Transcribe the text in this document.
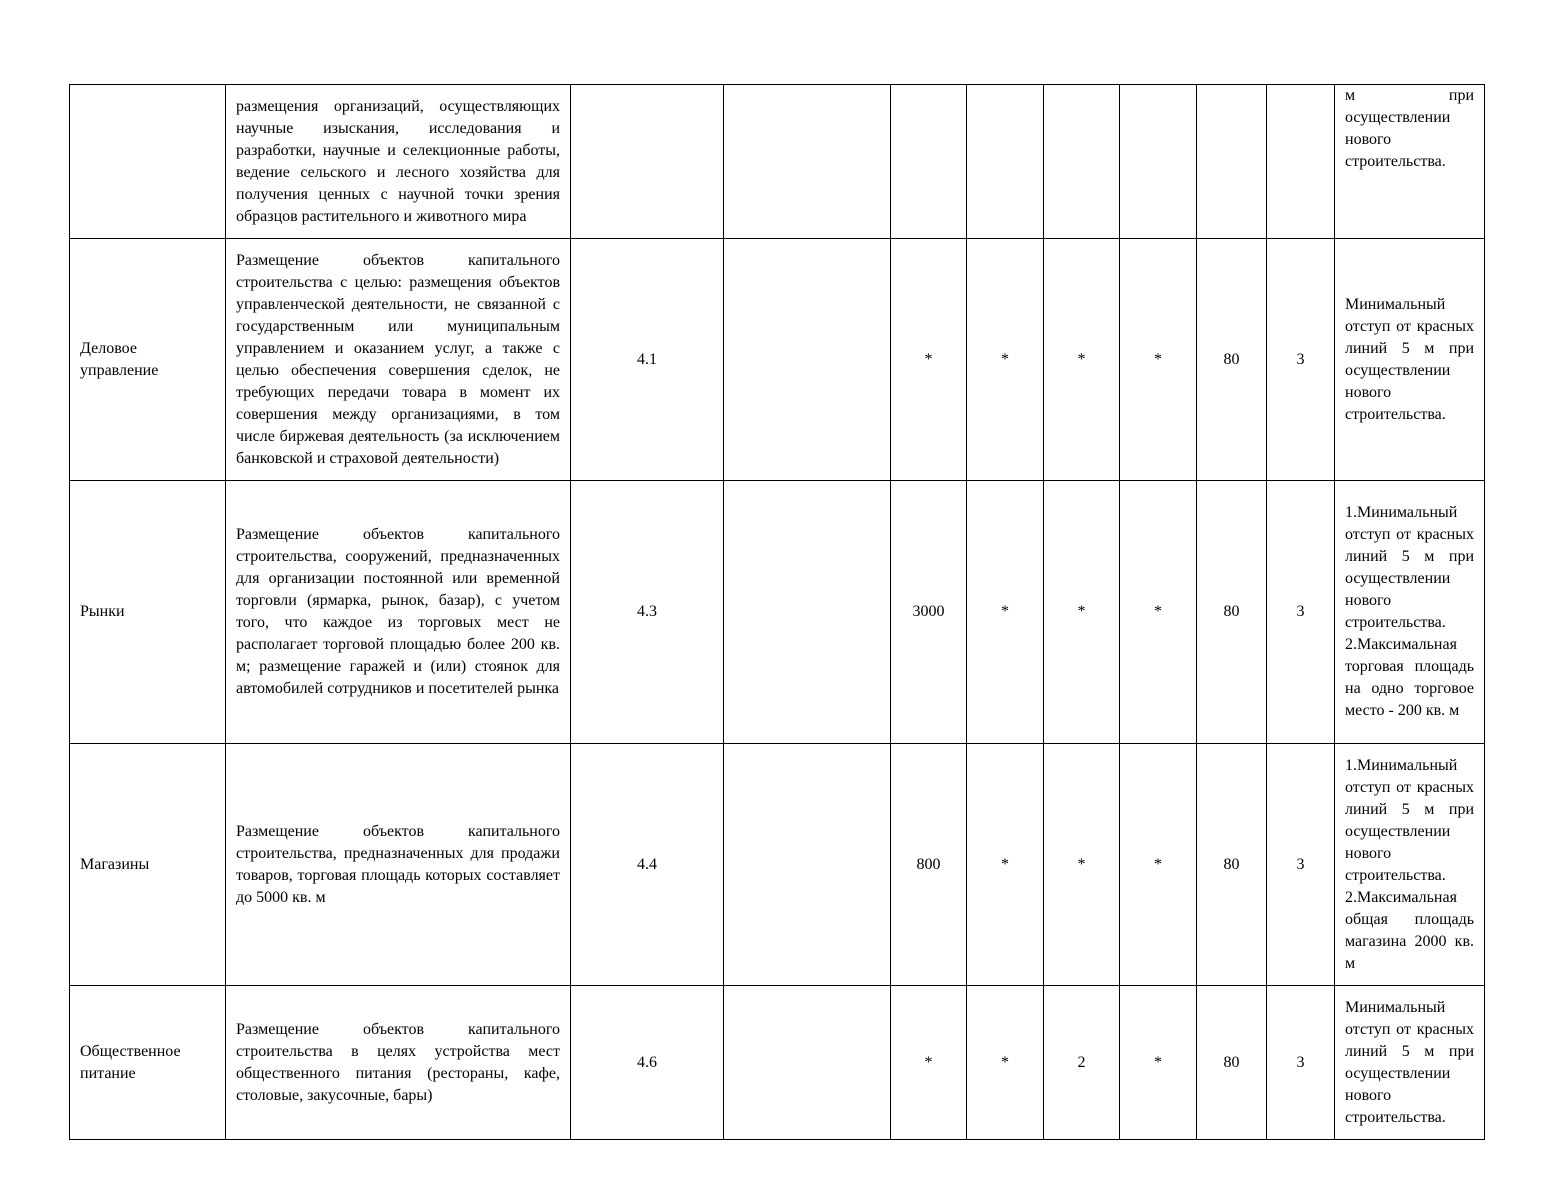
	размещения организаций, осуществляющих научные изыскания, исследования и разработки, научные и селекционные работы, ведение сельского и лесного хозяйства для получения ценных с научной точки зрения образцов растительного и животного мира									м при осуществлении нового строительства.
Деловое управление	Размещение объектов капитального строительства с целью: размещения объектов управленческой деятельности, не связанной с государственным или муниципальным управлением и оказанием услуг, а также с целью обеспечения совершения сделок, не требующих передачи товара в момент их совершения между организациями, в том числе биржевая деятельность (за исключением банковской и страховой деятельности)	4.1		*	*	*	*	80	3	Минимальный отступ от красных линий 5 м при осуществлении нового строительства.
Рынки	Размещение объектов капитального строительства, сооружений, предназначенных для организации постоянной или временной торговли (ярмарка, рынок, базар), с учетом того, что каждое из торговых мест не располагает торговой площадью более 200 кв. м; размещение гаражей и (или) стоянок для автомобилей сотрудников и посетителей рынка	4.3		3000	*	*	*	80	3	1.Минимальный отступ от красных линий 5 м при осуществлении нового строительства. 2.Максимальная торговая площадь на одно торговое место - 200 кв. м
Магазины	Размещение объектов капитального строительства, предназначенных для продажи товаров, торговая площадь которых составляет до 5000 кв. м	4.4		800	*	*	*	80	3	1.Минимальный отступ от красных линий 5 м при осуществлении нового строительства. 2.Максимальная общая площадь магазина 2000 кв. м
Общественное питание	Размещение объектов капитального строительства в целях устройства мест общественного питания (рестораны, кафе, столовые, закусочные, бары)	4.6		*	*	2	*	80	3	Минимальный отступ от красных линий 5 м при осуществлении нового строительства.
